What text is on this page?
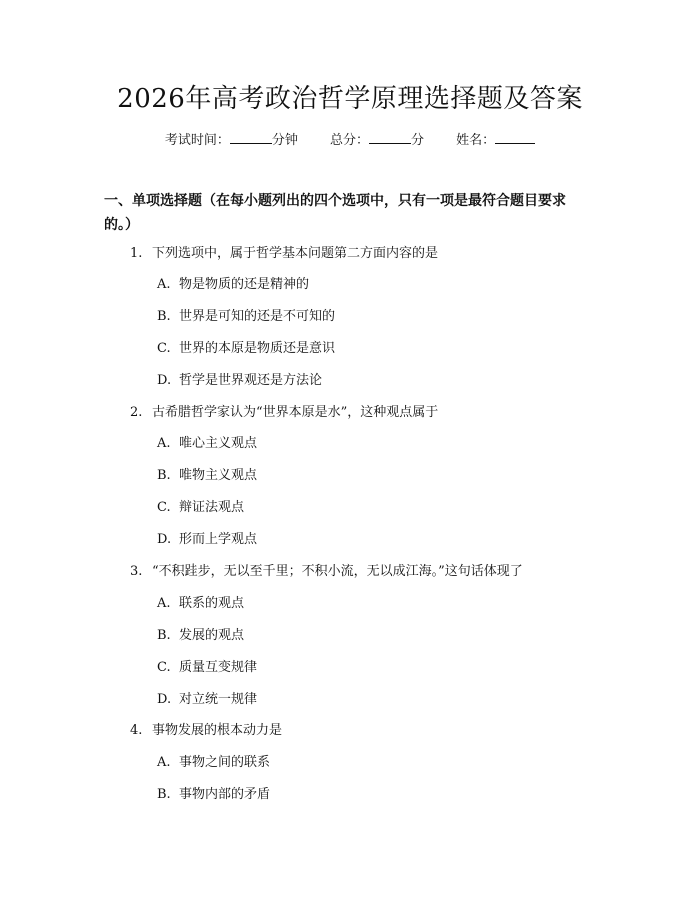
2026年高考政治哲学原理选择题及答案
考试时间：	分钟 总分：	分 姓名：
一、单项选择题（在每小题列出的四个选项中，只有一项是最符合题目要求的。）
1. 下列选项中，属于哲学基本问题第二方面内容的是
A. 物是物质的还是精神的
B. 世界是可知的还是不可知的
C. 世界的本原是物质还是意识
D. 哲学是世界观还是方法论
2. 古希腊哲学家认为“世界本原是水”，这种观点属于
A. 唯心主义观点
B. 唯物主义观点
C. 辩证法观点
D. 形而上学观点
3. “不积跬步，无以至千里；不积小流，无以成江海。”这句话体现了
A. 联系的观点
B. 发展的观点
C. 质量互变规律
D. 对立统一规律
4. 事物发展的根本动力是
A. 事物之间的联系
B. 事物内部的矛盾
